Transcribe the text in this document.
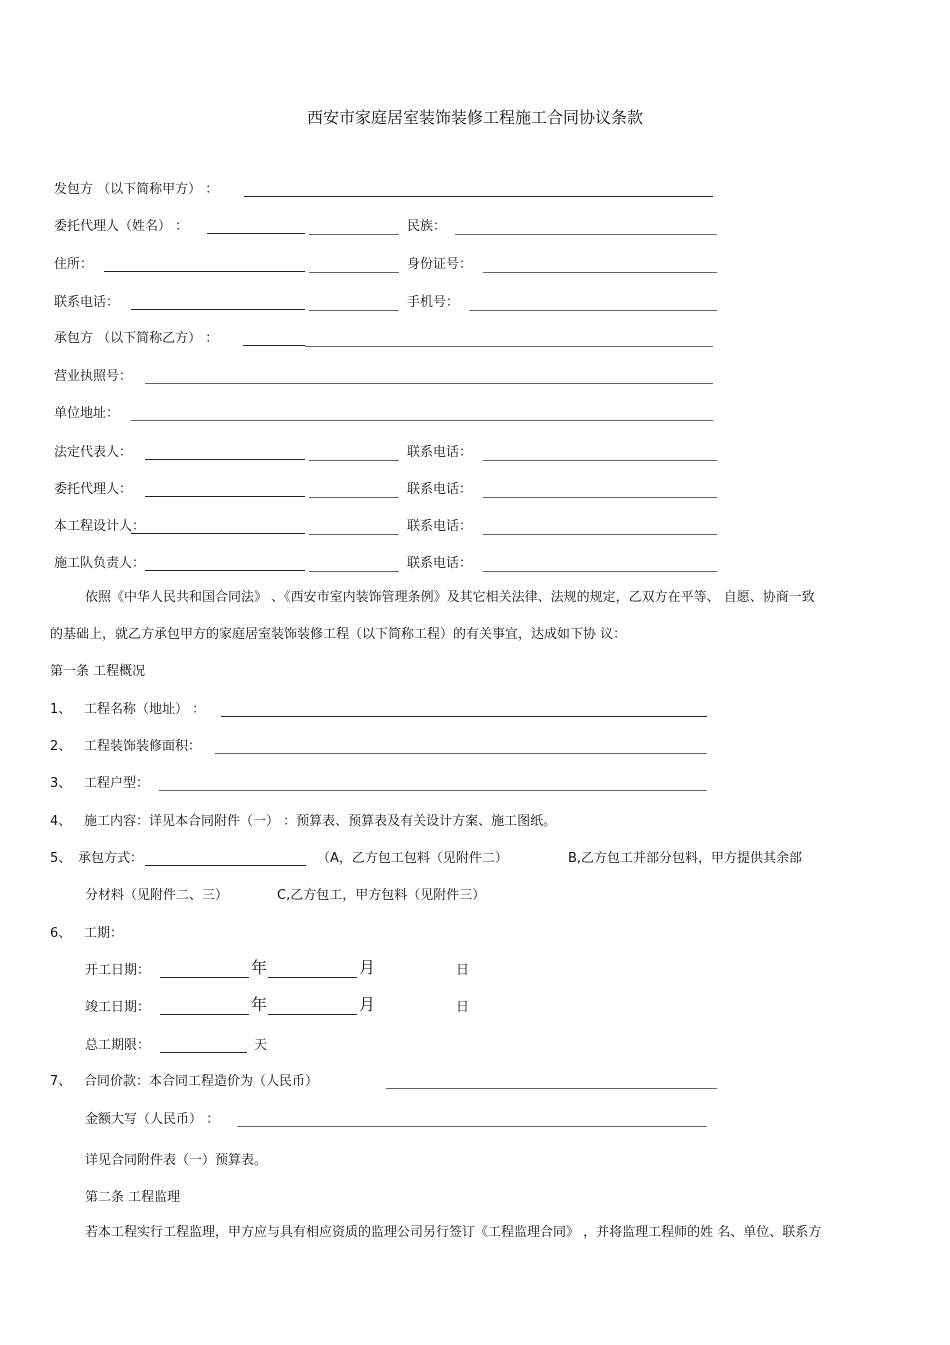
西安市家庭居室装饰装修工程施工合同协议条款
发包方 （以下简称甲方） ：
委托代理人（姓名） ：	民族：
住所：	身份证号：
联系电话：	手机号：
承包方 （以下简称乙方） ：
营业执照号：
单位地址：
法定代表人：	联系电话：
委托代理人：	联系电话：
本工程设计人：	联系电话：
施工队负责人：	联系电话：
依照《中华人民共和国合同法》 、《西安市室内装饰管理条例》及其它相关法律、法规的规定，乙双方在平等、 自愿、协商一致
的基础上，就乙方承包甲方的家庭居室装饰装修工程（以下简称工程）的有关事宜，达成如下协 议：
第一条 工程概况
1、 工程名称（地址） ：
2、 工程装饰装修面积：
3、 工程户型：
4、 施工内容：详见本合同附件（一） ：预算表、预算表及有关设计方案、施工图纸。
5、 承包方式：	（A，乙方包工包料（见附件二）	B,乙方包工并部分包料，甲方提供其余部
分材料（见附件二、三）	C,乙方包工，甲方包料（见附件三）
6、 工期：
开工日期：	年	月	日
竣工日期：	年	月	日
总工期限：	天
7、 合同价款：本合同工程造价为（人民币）
金额大写（人民币） ：
详见合同附件表（一）预算表。
第二条 工程监理
若本工程实行工程监理，甲方应与具有相应资质的监理公司另行签订《工程监理合同》 ，并将监理工程师的姓 名、单位、联系方
